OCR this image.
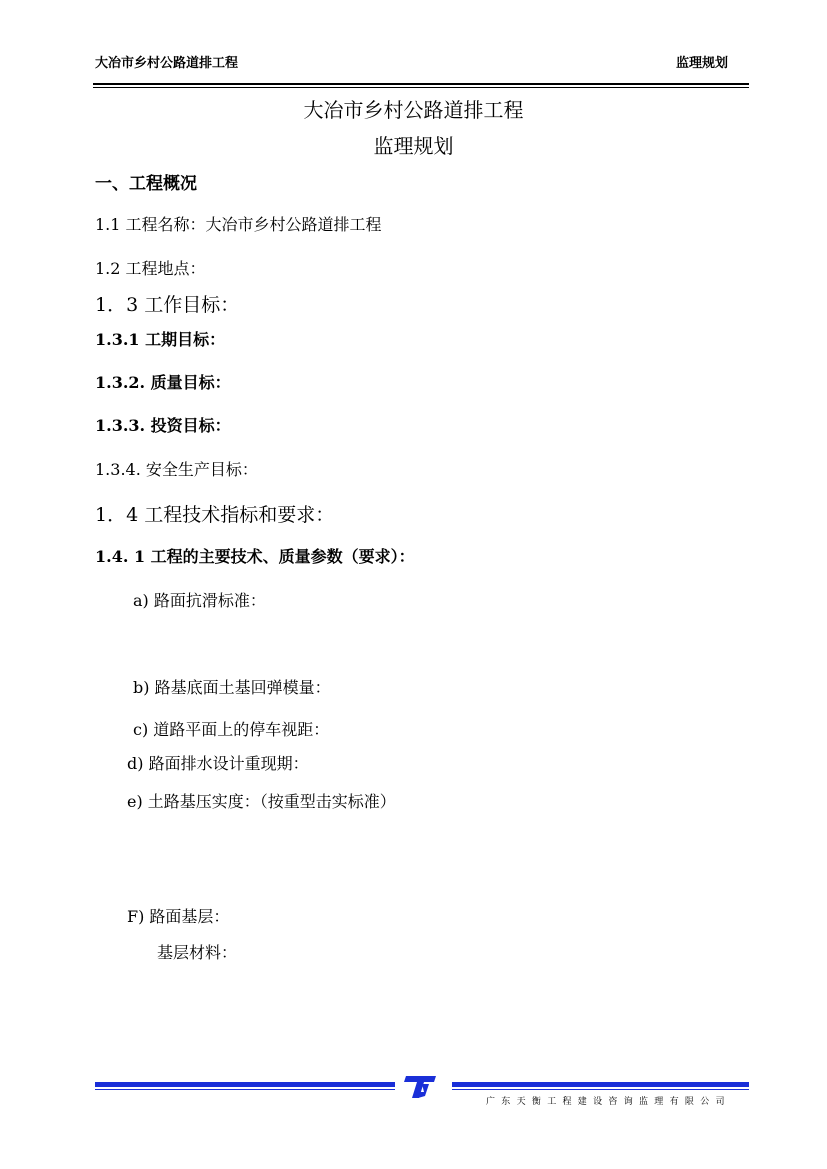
大冶市乡村公路道排工程	监理规划
大冶市乡村公路道排工程
监理规划
一、工程概况
1.1 工程名称：大冶市乡村公路道排工程
1.2 工程地点：
1．3 工作目标：
1.3.1 工期目标：
1.3.2. 质量目标：
1.3.3. 投资目标：
1.3.4. 安全生产目标：
1．4 工程技术指标和要求：
1.4. 1 工程的主要技术、质量参数（要求）：
a) 路面抗滑标准：
b) 路基底面土基回弹模量：
c) 道路平面上的停车视距：
d) 路面排水设计重现期：
e) 土路基压实度：（按重型击实标准）
F) 路面基层：
基层材料：
广东天衡工程建设咨询监理有限公司
